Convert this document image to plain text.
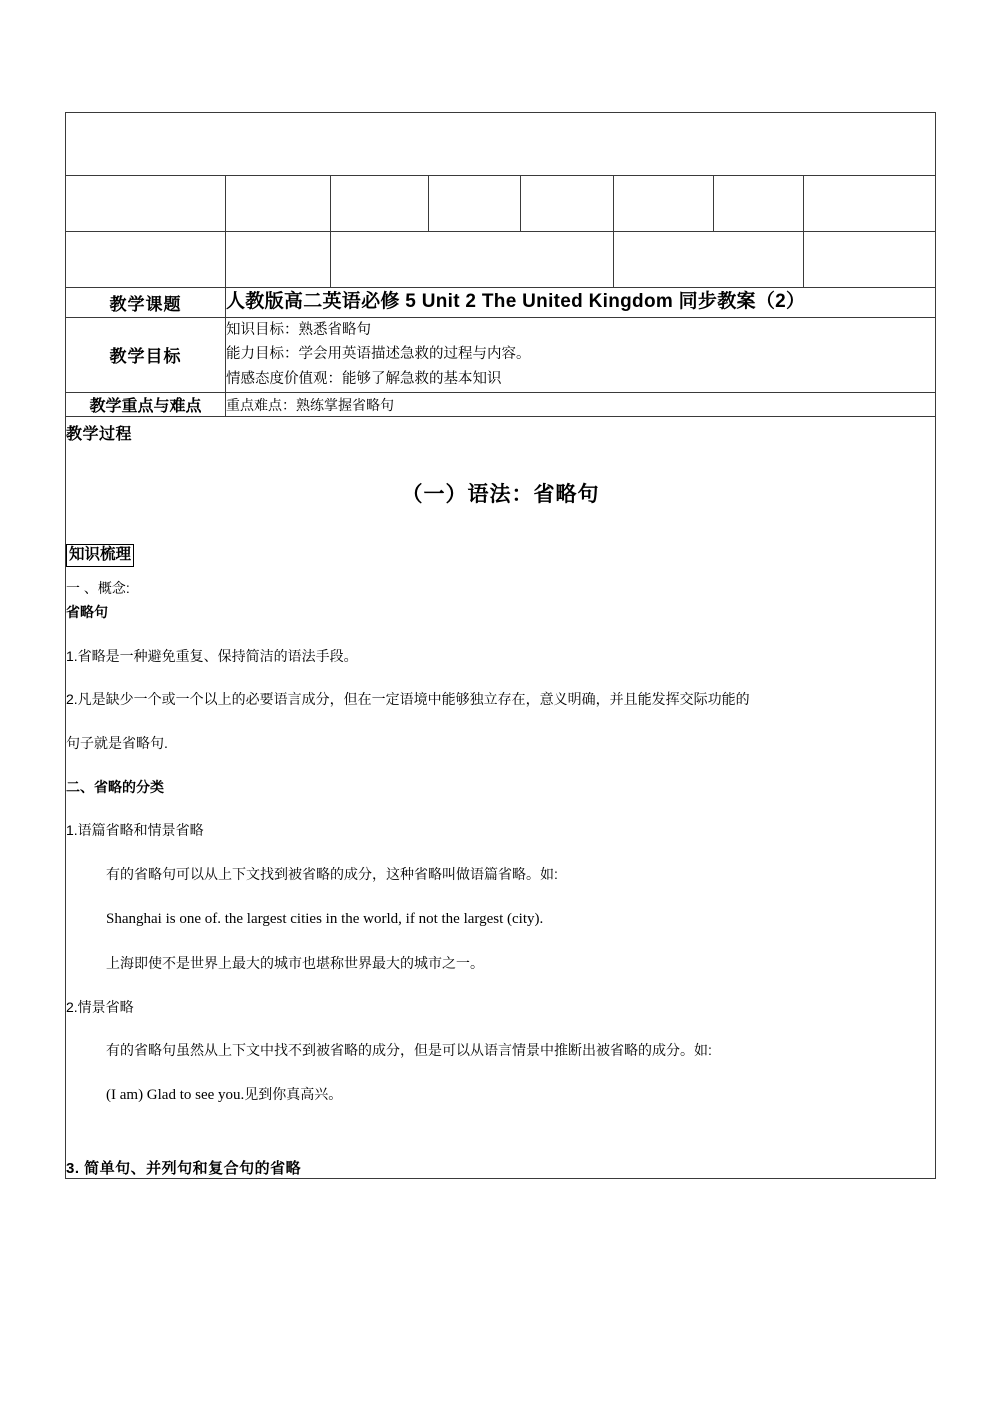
教学课题	人教版高二英语必修 5 Unit 2 The United Kingdom 同步教案（2）						
教学目标	知识目标：熟悉省略句
能力目标：学会用英语描述急救的过程与内容。
情感态度价值观：能够了解急救的基本知识						

教学重点与难点	重点难点：熟练掌握省略句						

教学过程
（一）语法：省略句
知识梳理
一 、概念:
省略句
1.省略是一种避免重复、保持简洁的语法手段。
2.凡是缺少一个或一个以上的必要语言成分，但在一定语境中能够独立存在，意义明确，并且能发挥交际功能的
句子就是省略句.
二、省略的分类
1.语篇省略和情景省略
有的省略句可以从上下文找到被省略的成分，这种省略叫做语篇省略。如:
Shanghai is one of. the largest cities in the world, if not the largest (city).
上海即使不是世界上最大的城市也堪称世界最大的城市之一。
2.情景省略
有的省略句虽然从上下文中找不到被省略的成分，但是可以从语言情景中推断出被省略的成分。如:
(I am) Glad to see you.见到你真高兴。
3. 简单句、并列句和复合句的省略
